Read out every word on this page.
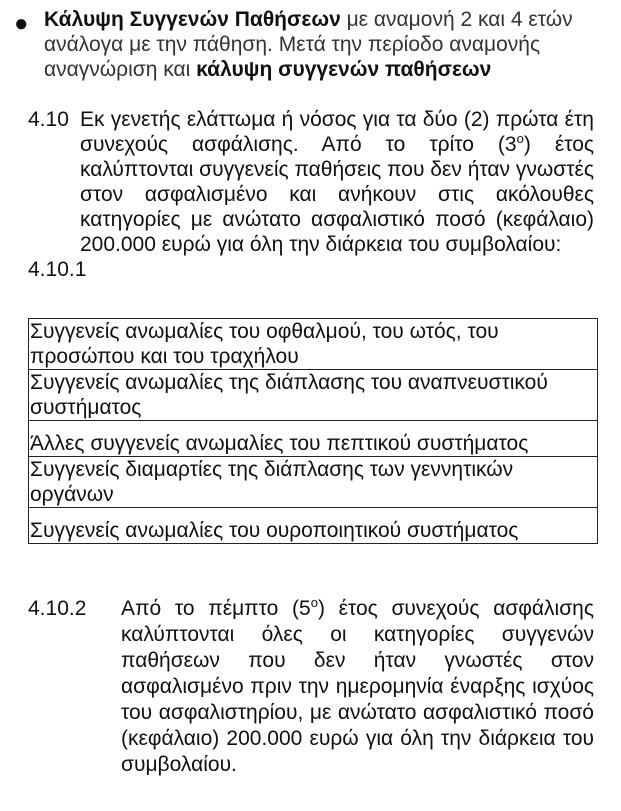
● Κάλυψη Συγγενών Παθήσεων με αναμονή 2 και 4 ετών ανάλογα με την πάθηση. Μετά την περίοδο αναμονής αναγνώριση και κάλυψη συγγενών παθήσεων
4.10 Εκ γενετής ελάττωμα ή νόσος για τα δύο (2) πρώτα έτη συνεχούς ασφάλισης. Από το τρίτο $(3^o)$ έτος καλύπτονται συγγενείς παθήσεις που δεν ήταν γνωστές στον ασφαλισμένο και ανήκουν στις ακόλουθες κατηγορίες με ανώτατο ασφαλιστικό ποσό (κεφάλαιο) 200.000 ευρώ για όλη την διάρκεια του συμβολαίου:
4.10.1
Συγγενείς ανωμαλίες του οφθαλμού, του ωτός, του προσώπου και του τραχήλου
Συγγενείς ανωμαλίες της διάπλασης του αναπνευστικού συστήματος
Άλλες συγγενείς ανωμαλίες του πεπτικού συστήματος
Συγγενείς διαμαρτίες της διάπλασης των γεννητικών οργάνων
Συγγενείς ανωμαλίες του ουροποιητικού συστήματος
4.10.2	Από το πέμπτο $(5^o)$ έτος συνεχούς ασφάλισης καλύπτονται όλες οι κατηγορίες συγγενών παθήσεων που δεν ήταν γνωστές στον ασφαλισμένο πριν την ημερομηνία έναρξης ισχύος του ασφαλιστηρίου, με ανώτατο ασφαλιστικό ποσό (κεφάλαιο) 200.000 ευρώ για όλη την διάρκεια του συμβολαίου.
